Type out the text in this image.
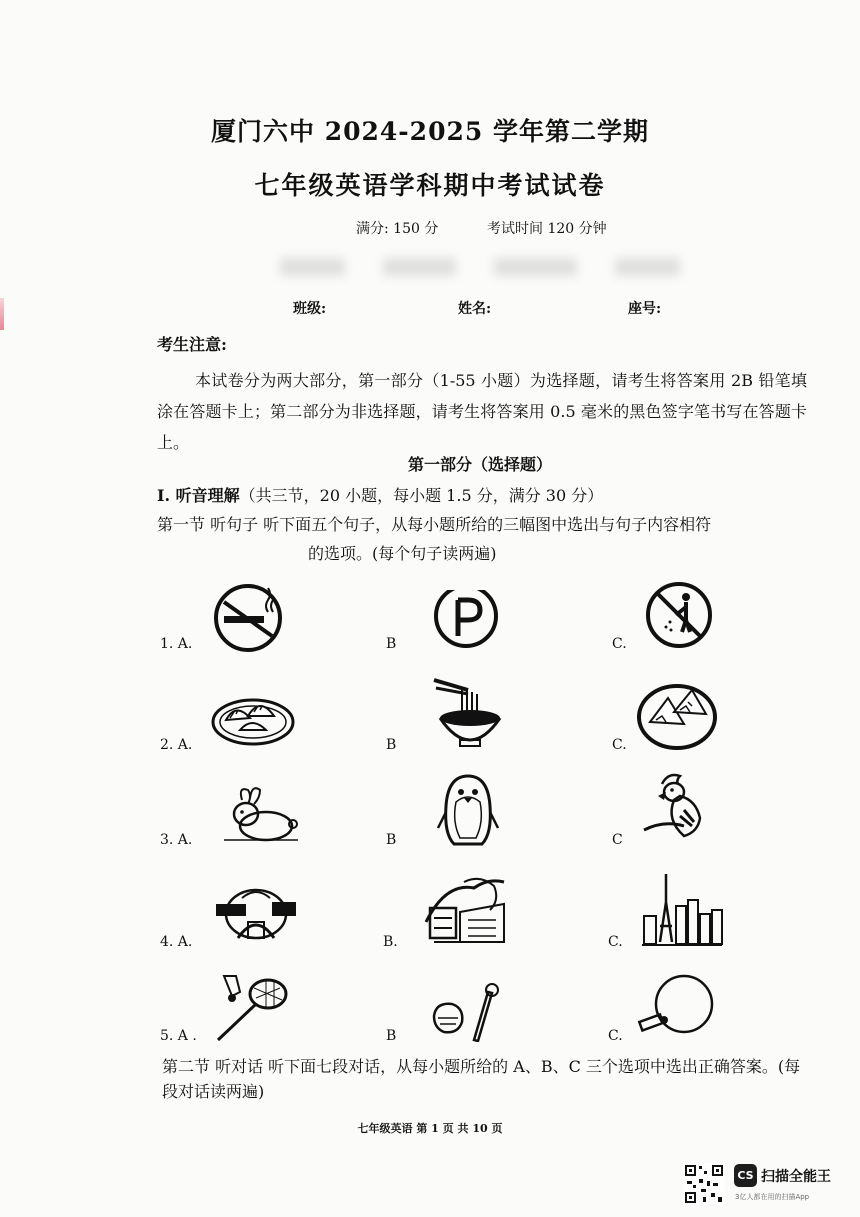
厦门六中 2024-2025 学年第二学期
七年级英语学科期中考试试卷
满分: 150 分	考试时间 120 分钟
班级:	姓名:	座号:
考生注意:
本试卷分为两大部分，第一部分（1-55 小题）为选择题，请考生将答案用 2B 铅笔填涂在答题卡上；第二部分为非选择题，请考生将答案用 0.5 毫米的黑色签字笔书写在答题卡上。
第一部分（选择题）
I. 听音理解（共三节，20 小题，每小题 1.5 分，满分 30 分）
第一节 听句子 听下面五个句子，从每小题所给的三幅图中选出与句子内容相符
的选项。(每个句子读两遍)
1. A.	B	C.
2. A.	B	C.
3. A.	B	C
4. A.	B.	C.
5. A .	B	C.
第二节 听对话 听下面七段对话，从每小题所给的 A、B、C 三个选项中选出正确答案。(每段对话读两遍)
七年级英语 第 1 页 共 10 页
CS 扫描全能王
3亿人都在用的扫描App
